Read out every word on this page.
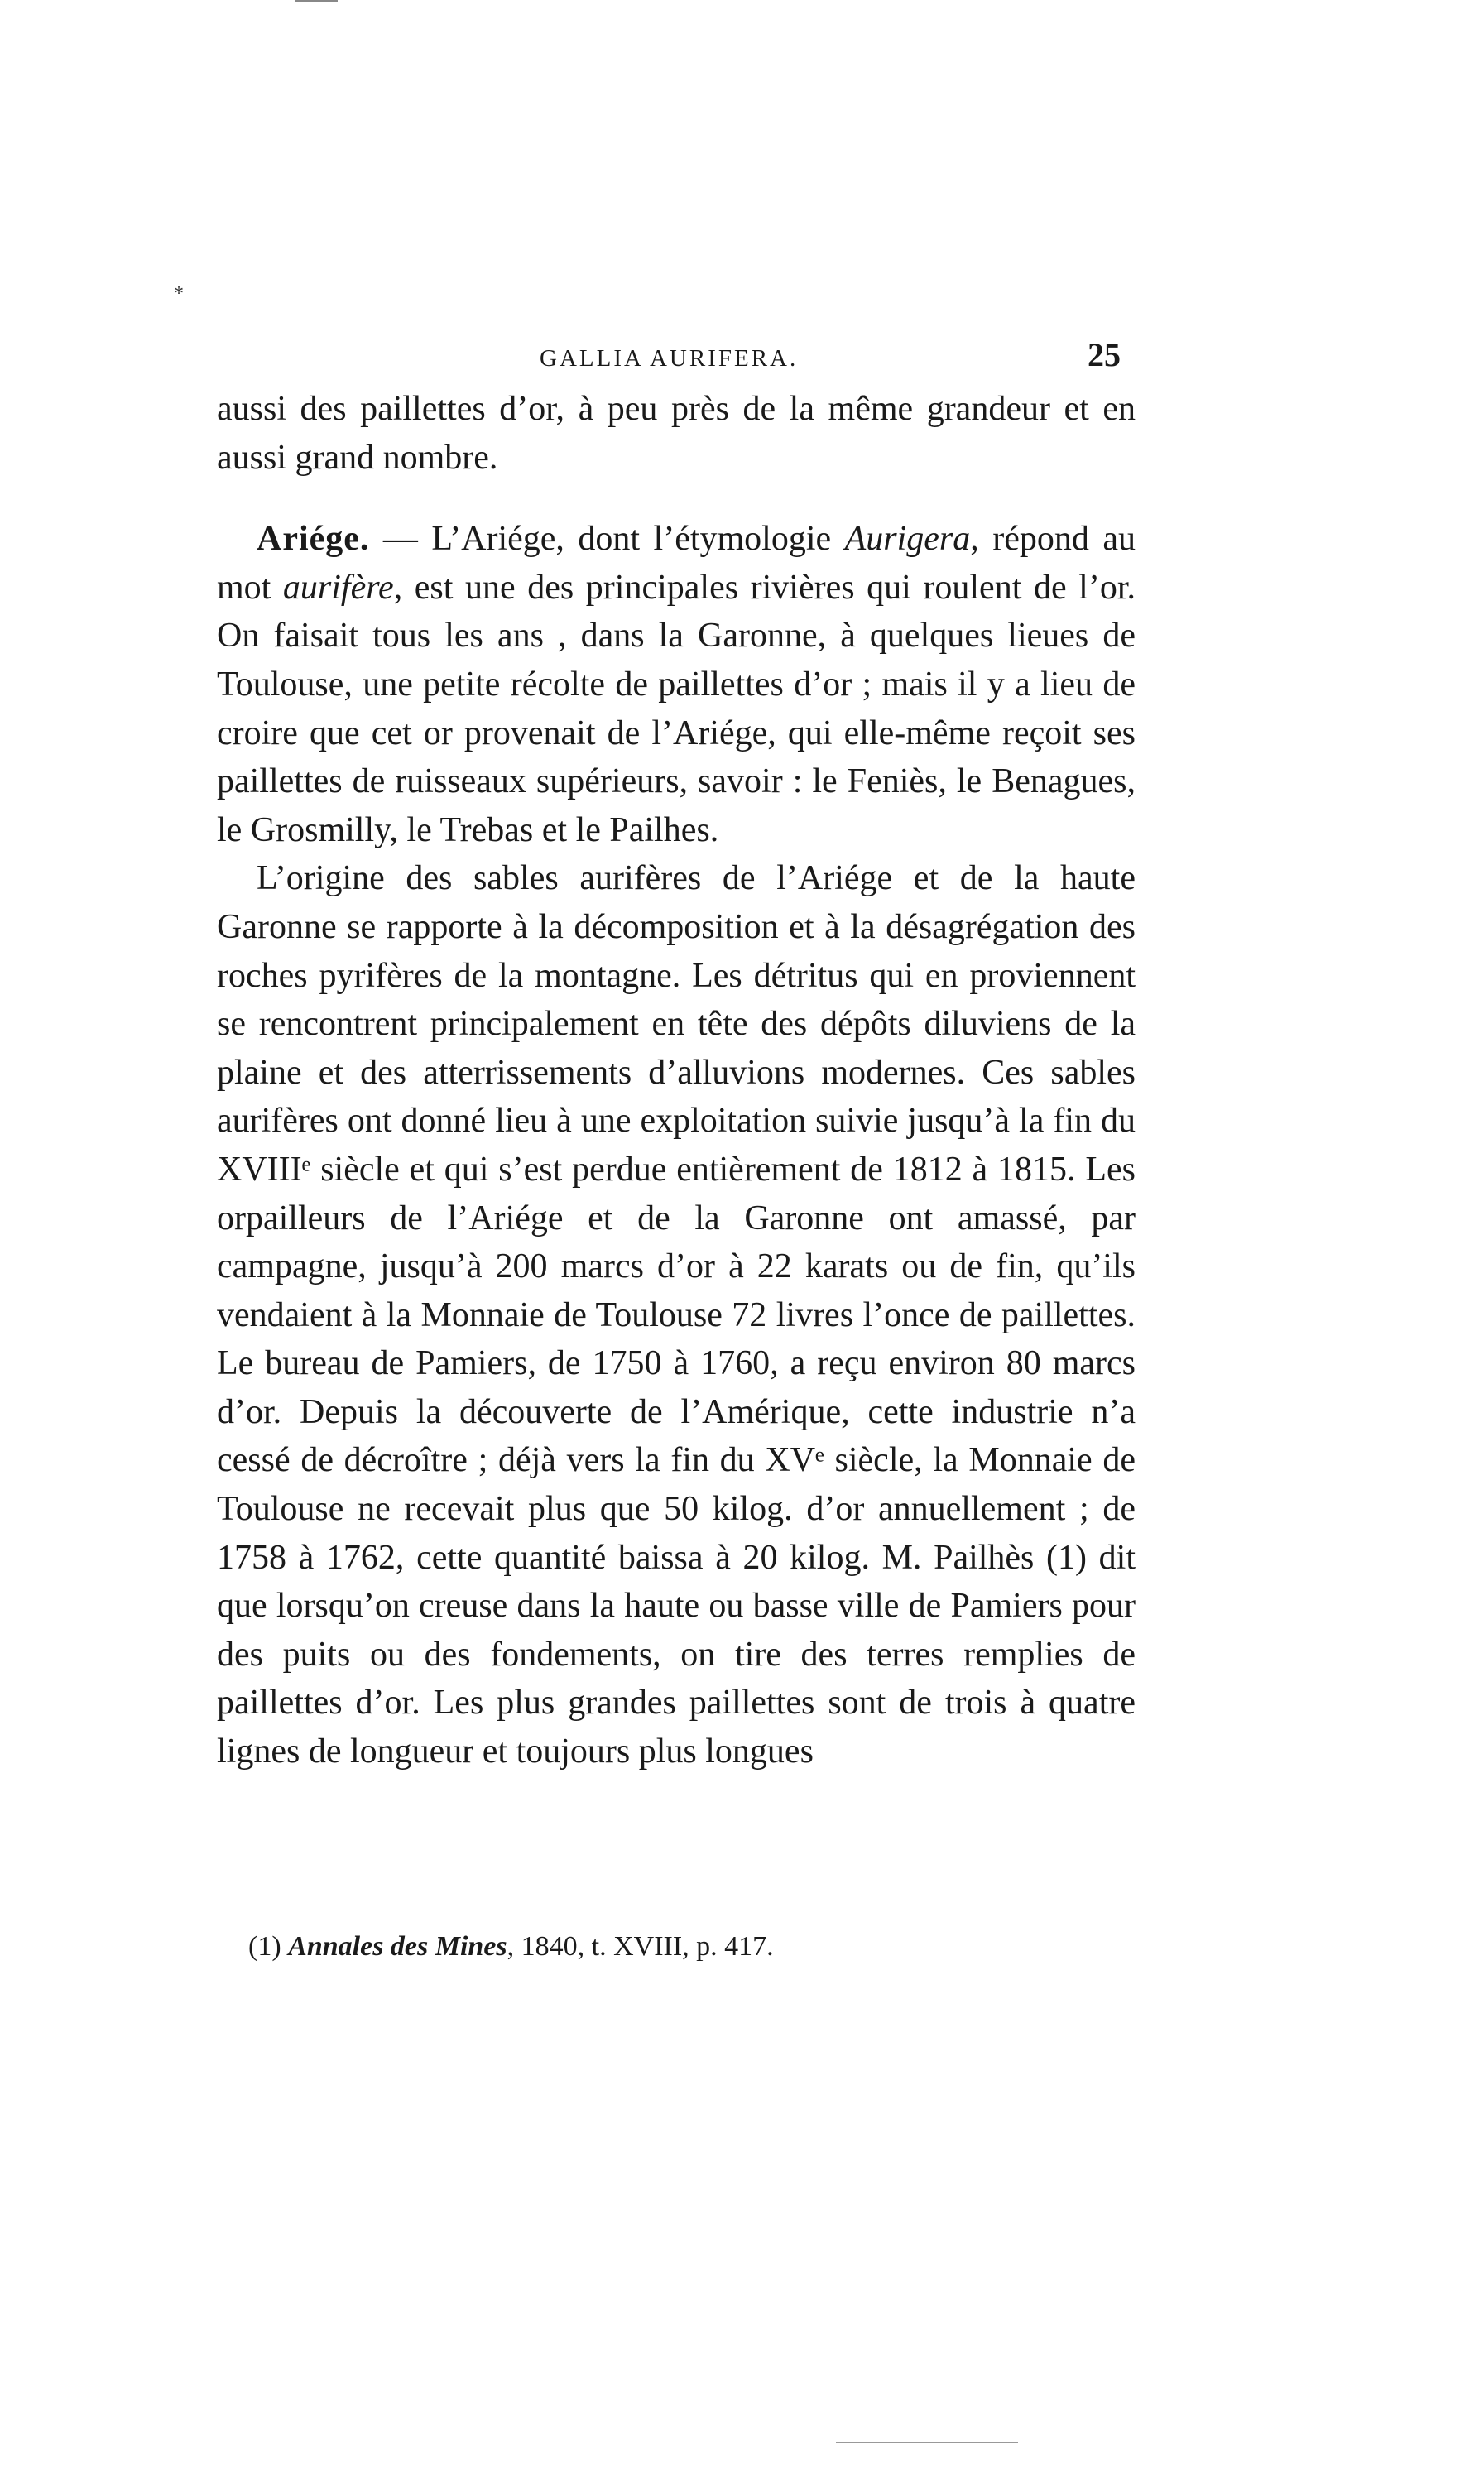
*
GALLIA AURIFERA.	25

aussi des paillettes d’or, à peu près de la même grandeur et en aussi grand nombre.

Ariége. — L’Ariége, dont l’étymologie Aurigera, répond au mot aurifère, est une des principales rivières qui roulent de l’or. On faisait tous les ans , dans la Garonne, à quelques lieues de Toulouse, une petite récolte de paillettes d’or ; mais il y a lieu de croire que cet or provenait de l’Ariége, qui elle-même reçoit ses paillettes de ruisseaux supérieurs, savoir : le Feniès, le Benagues, le Grosmilly, le Trebas et le Pailhes.

L’origine des sables aurifères de l’Ariége et de la haute Garonne se rapporte à la décomposition et à la désagrégation des roches pyrifères de la montagne. Les détritus qui en proviennent se rencontrent principalement en tête des dépôts diluviens de la plaine et des atterrissements d’alluvions modernes. Ces sables aurifères ont donné lieu à une exploitation suivie jusqu’à la fin du XVIIIᵉ siècle et qui s’est perdue entièrement de 1812 à 1815. Les orpailleurs de l’Ariége et de la Garonne ont amassé, par campagne, jusqu’à 200 marcs d’or à 22 karats ou de fin, qu’ils vendaient à la Monnaie de Toulouse 72 livres l’once de paillettes. Le bureau de Pamiers, de 1750 à 1760, a reçu environ 80 marcs d’or. Depuis la découverte de l’Amérique, cette industrie n’a cessé de décroître ; déjà vers la fin du XVᵉ siècle, la Monnaie de Toulouse ne recevait plus que 50 kilog. d’or annuellement ; de 1758 à 1762, cette quantité baissa à 20 kilog. M. Pailhès (1) dit que lorsqu’on creuse dans la haute ou basse ville de Pamiers pour des puits ou des fondements, on tire des terres remplies de paillettes d’or. Les plus grandes paillettes sont de trois à quatre lignes de longueur et toujours plus longues

(1) Annales des Mines, 1840, t. XVIII, p. 417.
